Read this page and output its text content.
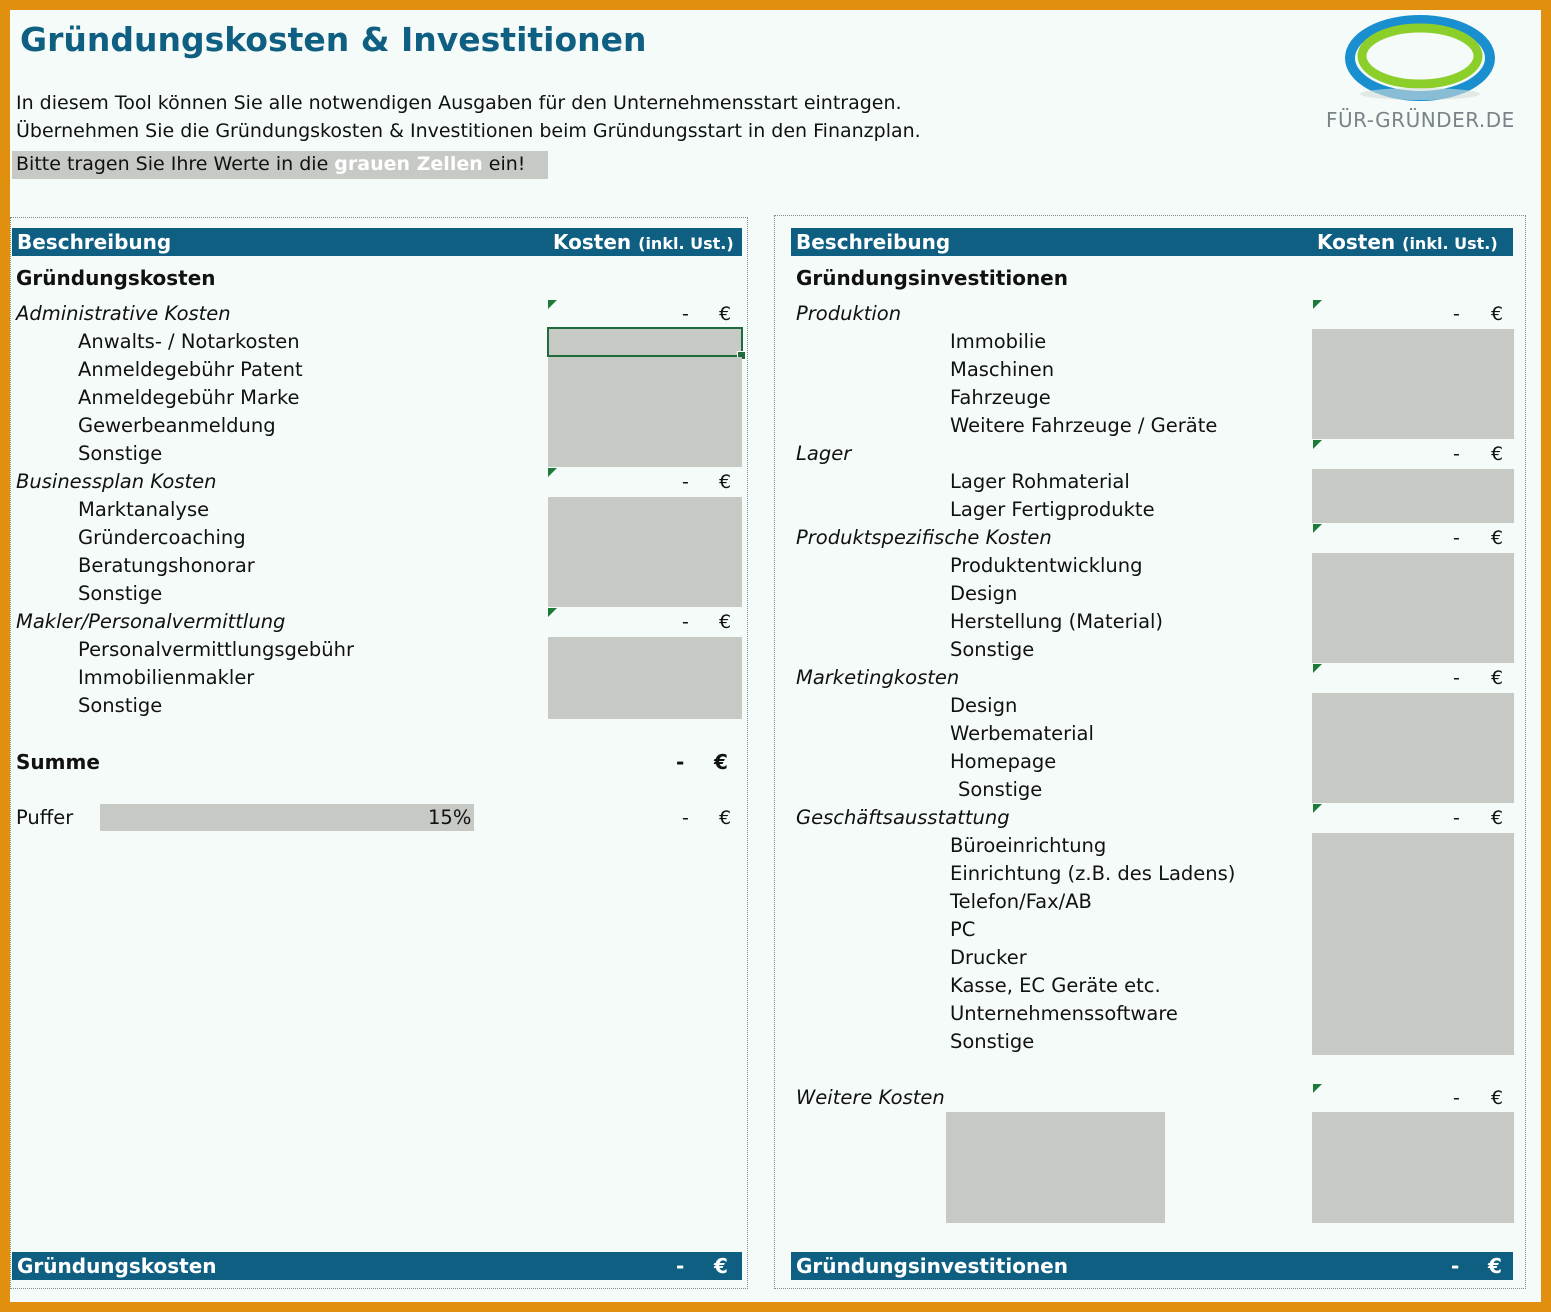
Gründungskosten & Investitionen
In diesem Tool können Sie alle notwendigen Ausgaben für den Unternehmensstart eintragen.
Übernehmen Sie die Gründungskosten & Investitionen beim Gründungsstart in den Finanzplan.
Bitte tragen Sie Ihre Werte in die grauen Zellen ein!
FÜR-GRÜNDER.DE
Beschreibung	Kosten (inkl. Ust.)
Gründungskosten
Administrative Kosten	- €
Anwalts- / Notarkosten
Anmeldegebühr Patent
Anmeldegebühr Marke
Gewerbeanmeldung
Sonstige
Businessplan Kosten	- €
Marktanalyse
Gründercoaching
Beratungshonorar
Sonstige
Makler/Personalvermittlung	- €
Personalvermittlungsgebühr
Immobilienmakler
Sonstige
Summe	- €
Puffer	15%	- €
Gründungskosten	- €
Beschreibung	Kosten (inkl. Ust.)
Gründungsinvestitionen
Produktion	- €
Immobilie
Maschinen
Fahrzeuge
Weitere Fahrzeuge / Geräte
Lager	- €
Lager Rohmaterial
Lager Fertigprodukte
Produktspezifische Kosten	- €
Produktentwicklung
Design
Herstellung (Material)
Sonstige
Marketingkosten	- €
Design
Werbematerial
Homepage
Sonstige
Geschäftsausstattung	- €
Büroeinrichtung
Einrichtung (z.B. des Ladens)
Telefon/Fax/AB
PC
Drucker
Kasse, EC Geräte etc.
Unternehmenssoftware
Sonstige
Weitere Kosten	- €
Gründungsinvestitionen	- €
